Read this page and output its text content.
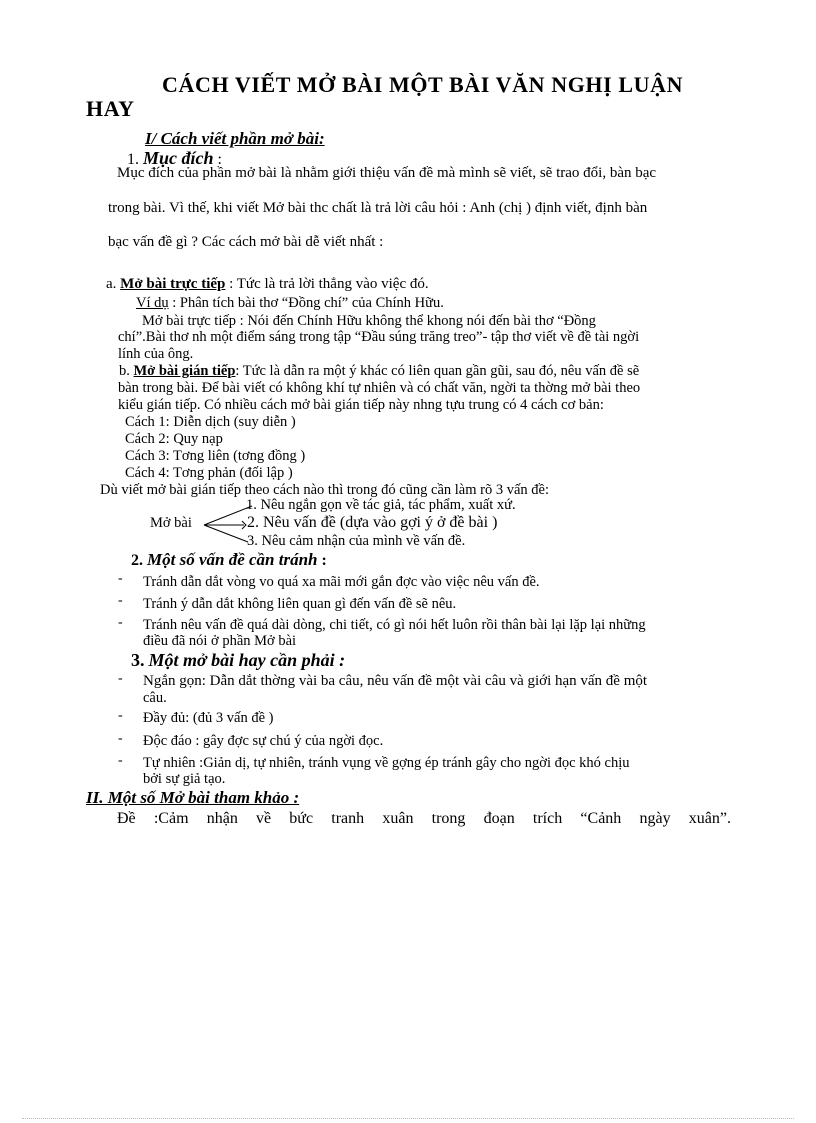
CÁCH VIẾT MỞ BÀI MỘT BÀI VĂN NGHỊ LUẬN
HAY
I/ Cách viết phần mở bài:
1. Mục đích :
Mục đích của phần mở bài là nhằm giới thiệu vấn đề mà mình sẽ viết, sẽ trao đổi, bàn bạc
trong bài. Vì thế, khi viết Mở bài thc chất là trả lời câu hỏi : Anh (chị ) định viết, định bàn
bạc vấn đề gì ? Các cách mở bài dễ viết nhất :
a. Mở bài trực tiếp : Tức là trả lời thẳng vào việc đó.
Ví dụ : Phân tích bài thơ “Đồng chí” của Chính Hữu.
Mở bài trực tiếp : Nói đến Chính Hữu không thể khong nói đến bài thơ “Đồng
chí”.Bài thơ nh một điểm sáng trong tập “Đầu súng trăng treo”- tập thơ viết về đề tài ngời
lính của ông.
b. Mở bài gián tiếp: Tức là dẫn ra một ý khác có liên quan gần gũi, sau đó, nêu vấn đề sẽ
bàn trong bài. Để bài viết có không khí tự nhiên và có chất văn, ngời ta thờng mở bài theo
kiểu gián tiếp. Có nhiều cách mở bài gián tiếp này nhng tựu trung có 4 cách cơ bản:
Cách 1: Diễn dịch (suy diễn )
Cách 2: Quy nạp
Cách 3: Tơng liên (tơng đồng )
Cách 4: Tơng phản (đối lập )
Dù viết mở bài gián tiếp theo cách nào thì trong đó cũng cần làm rõ 3 vấn đề:
Mở bài
1. Nêu ngắn gọn về tác giả, tác phẩm, xuất xứ.
2. Nêu vấn đề (dựa vào gợi ý ở đề bài )
3. Nêu cảm nhận của mình về vấn đề.
2. Một số vấn đề cần tránh :
- Tránh dẫn dắt vòng vo quá xa mãi mới gắn đợc vào việc nêu vấn đề.
- Tránh ý dẫn dắt không liên quan gì đến vấn đề sẽ nêu.
- Tránh nêu vấn đề quá dài dòng, chi tiết, có gì nói hết luôn rồi thân bài lại lặp lại những
điều đã nói ở phần Mở bài
3. Một mở bài hay cần phải :
- Ngắn gọn: Dẫn dắt thờng vài ba câu, nêu vấn đề một vài câu và giới hạn vấn đề một
câu.
- Đầy đủ: (đủ 3 vấn đề )
- Độc đáo : gây đợc sự chú ý của ngời đọc.
- Tự nhiên :Giản dị, tự nhiên, tránh vụng về gợng ép tránh gây cho ngời đọc khó chịu
bởi sự giả tạo.
II. Một số Mở bài tham khảo :
Đề :Cảm nhận về bức tranh xuân trong đoạn trích “Cảnh ngày xuân”.
